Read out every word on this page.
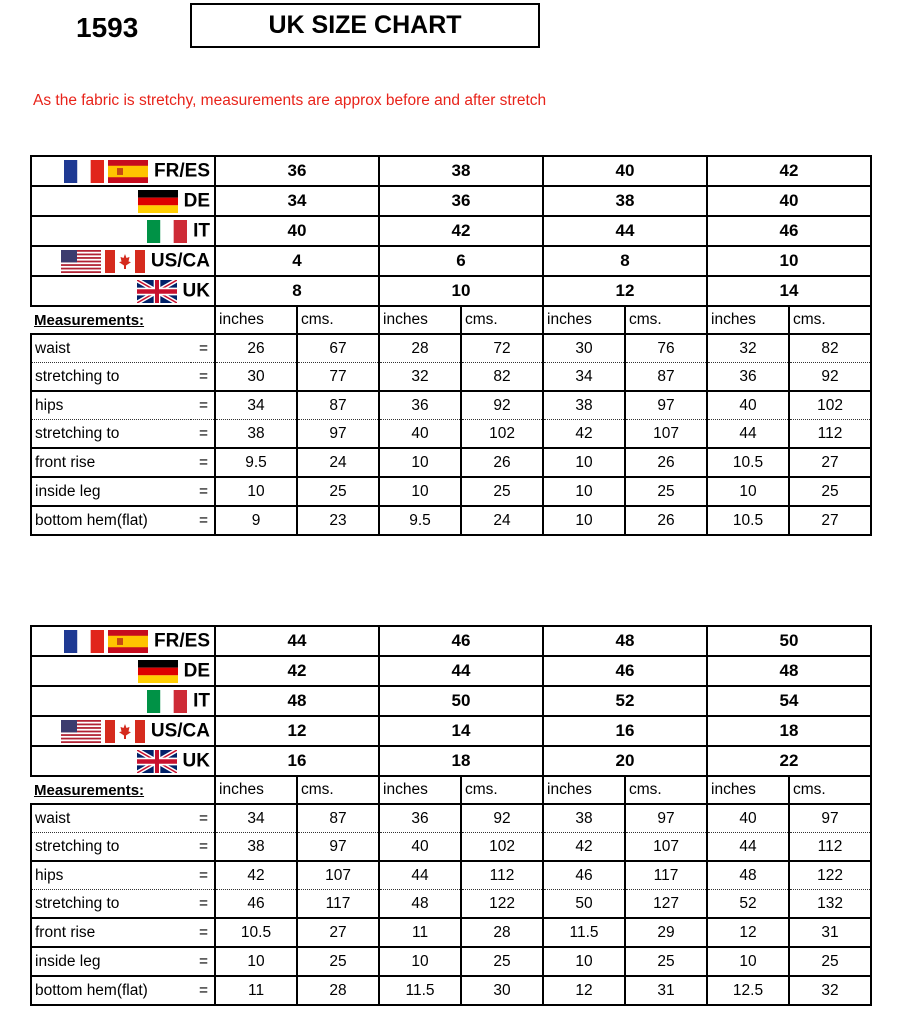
1593	UK SIZE CHART
As the fabric is stretchy, measurements are approx before and after stretch
FR/ES	36	38	40	42

DE	34	36	38	40

IT	40	42	44	46

US/CA	4	6	8	10

UK	8	10	12	14
Measurements:		inches	cms.	inches	cms.	inches	cms.	inches	cms.
waist	=	26	67	28	72	30	76	32	82
stretching to	=	30	77	32	82	34	87	36	92
hips	=	34	87	36	92	38	97	40	102
stretching to	=	38	97	40	102	42	107	44	112
front rise	=	9.5	24	10	26	10	26	10.5	27
inside leg	=	10	25	10	25	10	25	10	25
bottom hem(flat)	=	9	23	9.5	24	10	26	10.5	27
FR/ES	44	46	48	50

DE	42	44	46	48

IT	48	50	52	54

US/CA	12	14	16	18

UK	16	18	20	22
Measurements:		inches	cms.	inches	cms.	inches	cms.	inches	cms.
waist	=	34	87	36	92	38	97	40	97
stretching to	=	38	97	40	102	42	107	44	112
hips	=	42	107	44	112	46	117	48	122
stretching to	=	46	117	48	122	50	127	52	132
front rise	=	10.5	27	11	28	11.5	29	12	31
inside leg	=	10	25	10	25	10	25	10	25
bottom hem(flat)	=	11	28	11.5	30	12	31	12.5	32
